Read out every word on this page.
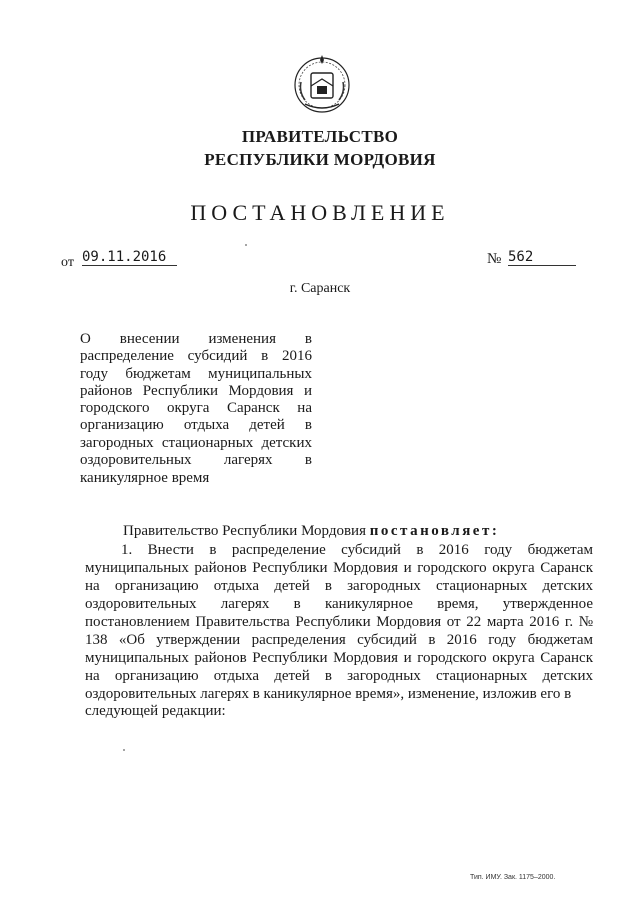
ПРАВИТЕЛЬСТВО
РЕСПУБЛИКИ МОРДОВИЯ
ПОСТАНОВЛЕНИЕ
от 09.11.2016	№ 562
г. Саранск
О внесении изменения в распределение субсидий в 2016 году бюджетам муниципальных районов Республики Мордовия и городского округа Саранск на организацию отдыха детей в загородных стационарных детских оздоровительных лагерях в
каникулярное время
Правительство Республики Мордовия постановляет:
1. Внести в распределение субсидий в 2016 году бюджетам муниципальных районов Республики Мордовия и городского округа Саранск на организацию отдыха детей в загородных стационарных детских оздоровительных лагерях в каникулярное время, утвержденное постановлением Правительства Республики Мордовия от 22 марта 2016 г. № 138 «Об утверждении распределения субсидий в 2016 году бюджетам муниципальных районов Республики Мордовия и городского округа Саранск на организацию отдыха детей в загородных стационарных детских оздоровительных лагерях в каникулярное время», изменение, изложив его в
следующей редакции:
Тип. ИМУ. Зак. 1175–2000.
